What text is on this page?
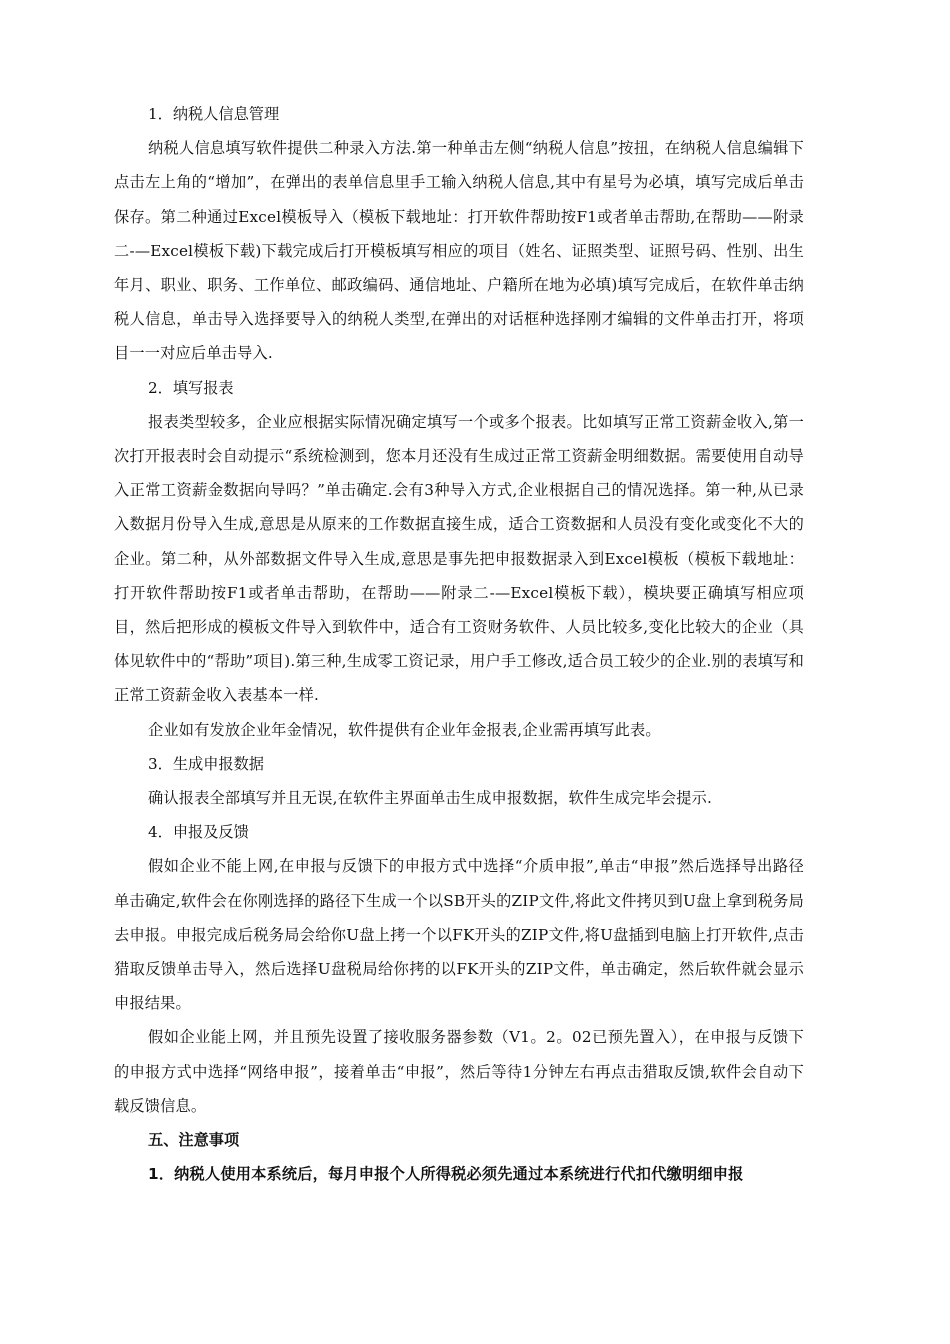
1．纳税人信息管理

纳税人信息填写软件提供二种录入方法.第一种单击左侧“纳税人信息”按扭，在纳税人信息编辑下点击左上角的“增加”，在弹出的表单信息里手工输入纳税人信息,其中有星号为必填，填写完成后单击保存。第二种通过Excel模板导入（模板下载地址：打开软件帮助按F1或者单击帮助,在帮助——附录二-—Excel模板下载)下载完成后打开模板填写相应的项目（姓名、证照类型、证照号码、性别、出生年月、职业、职务、工作单位、邮政编码、通信地址、户籍所在地为必填)填写完成后，在软件单击纳税人信息，单击导入选择要导入的纳税人类型,在弹出的对话框种选择刚才编辑的文件单击打开，将项目一一对应后单击导入.

2．填写报表

报表类型较多，企业应根据实际情况确定填写一个或多个报表。比如填写正常工资薪金收入,第一次打开报表时会自动提示“系统检测到，您本月还没有生成过正常工资薪金明细数据。需要使用自动导入正常工资薪金数据向导吗？”单击确定.会有3种导入方式,企业根据自己的情况选择。第一种,从已录入数据月份导入生成,意思是从原来的工作数据直接生成，适合工资数据和人员没有变化或变化不大的企业。第二种，从外部数据文件导入生成,意思是事先把申报数据录入到Excel模板（模板下载地址：打开软件帮助按F1或者单击帮助，在帮助——附录二-—Excel模板下载），模块要正确填写相应项目，然后把形成的模板文件导入到软件中，适合有工资财务软件、人员比较多,变化比较大的企业（具体见软件中的“帮助”项目).第三种,生成零工资记录，用户手工修改,适合员工较少的企业.别的表填写和正常工资薪金收入表基本一样.

企业如有发放企业年金情况，软件提供有企业年金报表,企业需再填写此表。

3．生成申报数据

确认报表全部填写并且无误,在软件主界面单击生成申报数据，软件生成完毕会提示.

4．申报及反馈

假如企业不能上网,在申报与反馈下的申报方式中选择“介质申报”,单击“申报”然后选择导出路径单击确定,软件会在你刚选择的路径下生成一个以SB开头的ZIP文件,将此文件拷贝到U盘上拿到税务局去申报。申报完成后税务局会给你U盘上拷一个以FK开头的ZIP文件,将U盘插到电脑上打开软件,点击猎取反馈单击导入，然后选择U盘税局给你拷的以FK开头的ZIP文件，单击确定，然后软件就会显示申报结果。

假如企业能上网，并且预先设置了接收服务器参数（V1。2。02已预先置入），在申报与反馈下的申报方式中选择“网络申报”，接着单击“申报”，然后等待1分钟左右再点击猎取反馈,软件会自动下载反馈信息。

五、注意事项

1．纳税人使用本系统后，每月申报个人所得税必须先通过本系统进行代扣代缴明细申报
